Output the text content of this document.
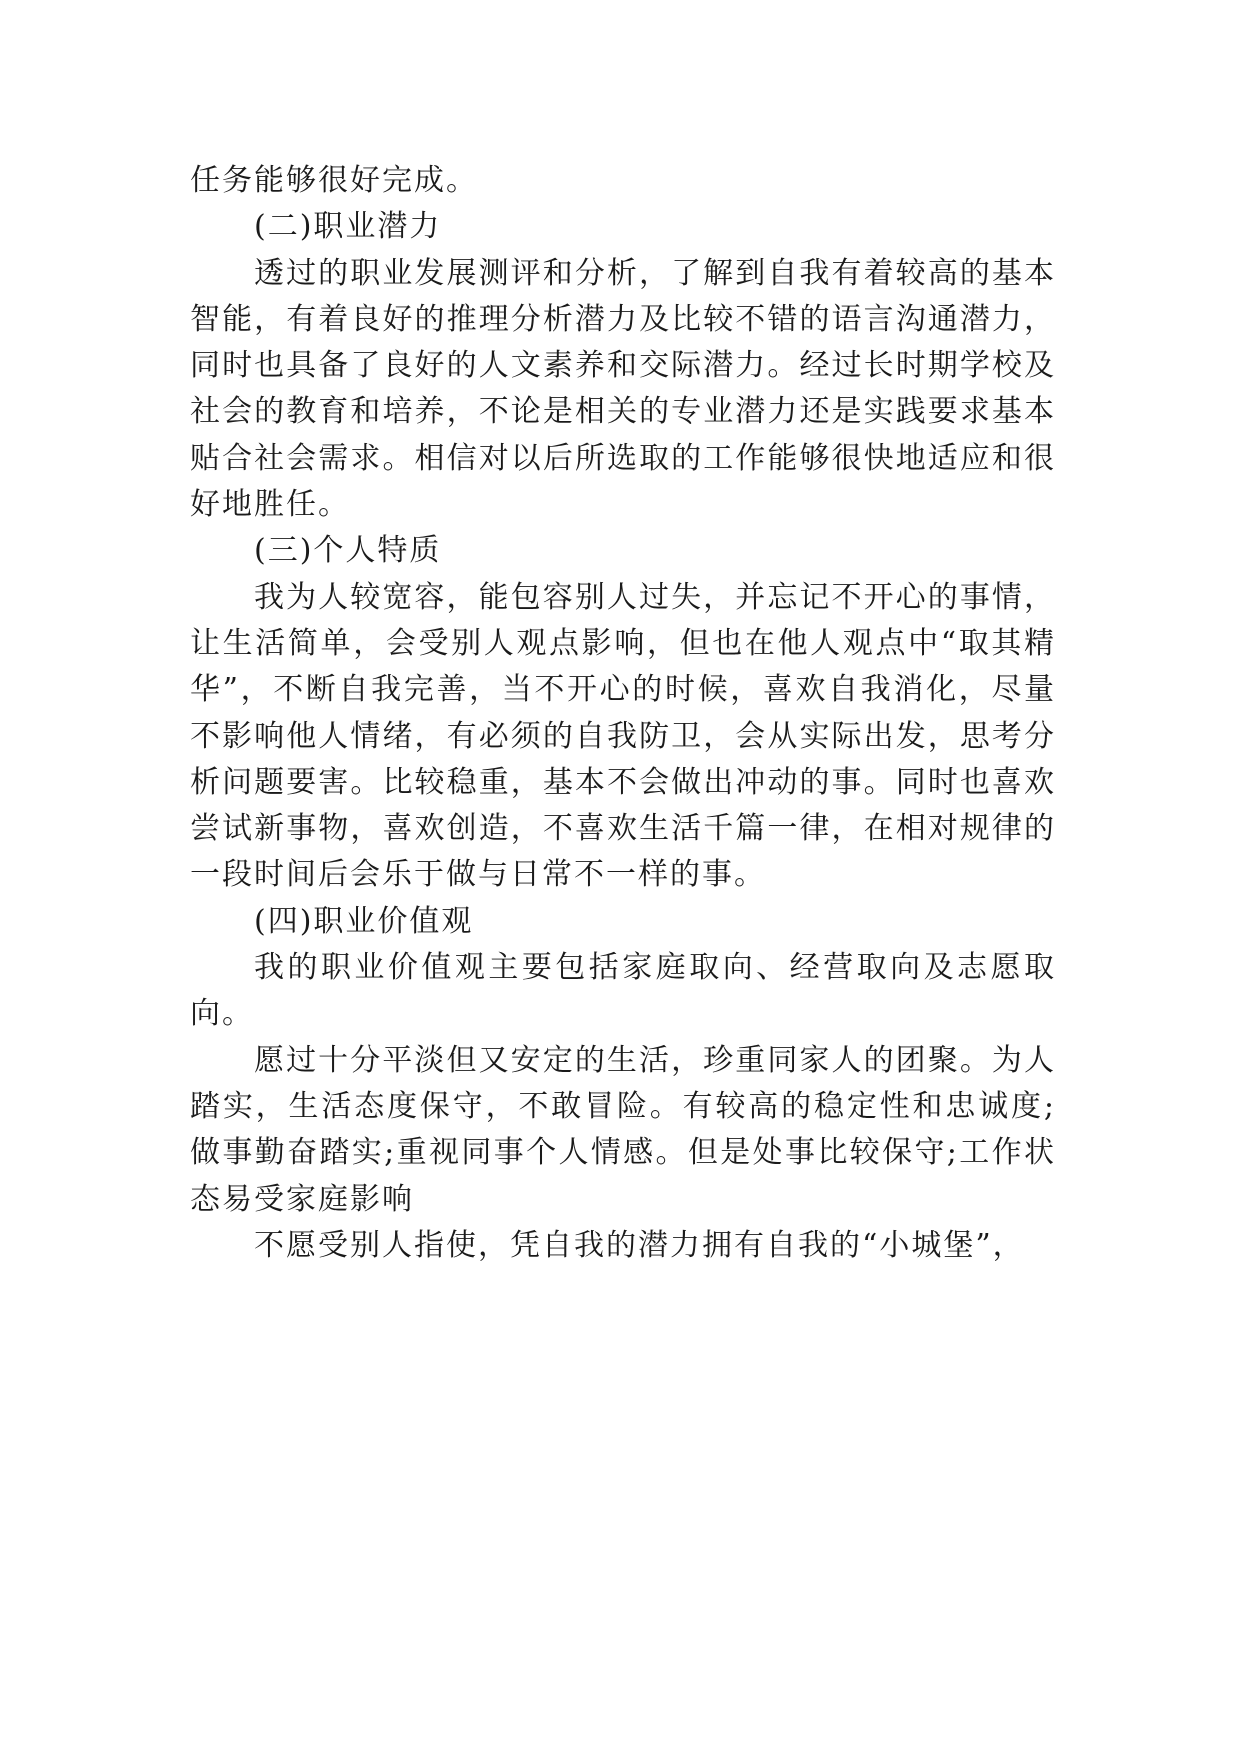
任务能够很好完成。

(二)职业潜力

透过的职业发展测评和分析，了解到自我有着较高的基本智能，有着良好的推理分析潜力及比较不错的语言沟通潜力，同时也具备了良好的人文素养和交际潜力。经过长时期学校及社会的教育和培养，不论是相关的专业潜力还是实践要求基本贴合社会需求。相信对以后所选取的工作能够很快地适应和很好地胜任。

(三)个人特质

我为人较宽容，能包容别人过失，并忘记不开心的事情，让生活简单，会受别人观点影响，但也在他人观点中“取其精华”，不断自我完善，当不开心的时候，喜欢自我消化，尽量不影响他人情绪，有必须的自我防卫，会从实际出发，思考分析问题要害。比较稳重，基本不会做出冲动的事。同时也喜欢尝试新事物，喜欢创造，不喜欢生活千篇一律，在相对规律的一段时间后会乐于做与日常不一样的事。

(四)职业价值观

我的职业价值观主要包括家庭取向、经营取向及志愿取向。

愿过十分平淡但又安定的生活，珍重同家人的团聚。为人踏实，生活态度保守，不敢冒险。有较高的稳定性和忠诚度;做事勤奋踏实;重视同事个人情感。但是处事比较保守;工作状态易受家庭影响

不愿受别人指使，凭自我的潜力拥有自我的“小城堡”，
